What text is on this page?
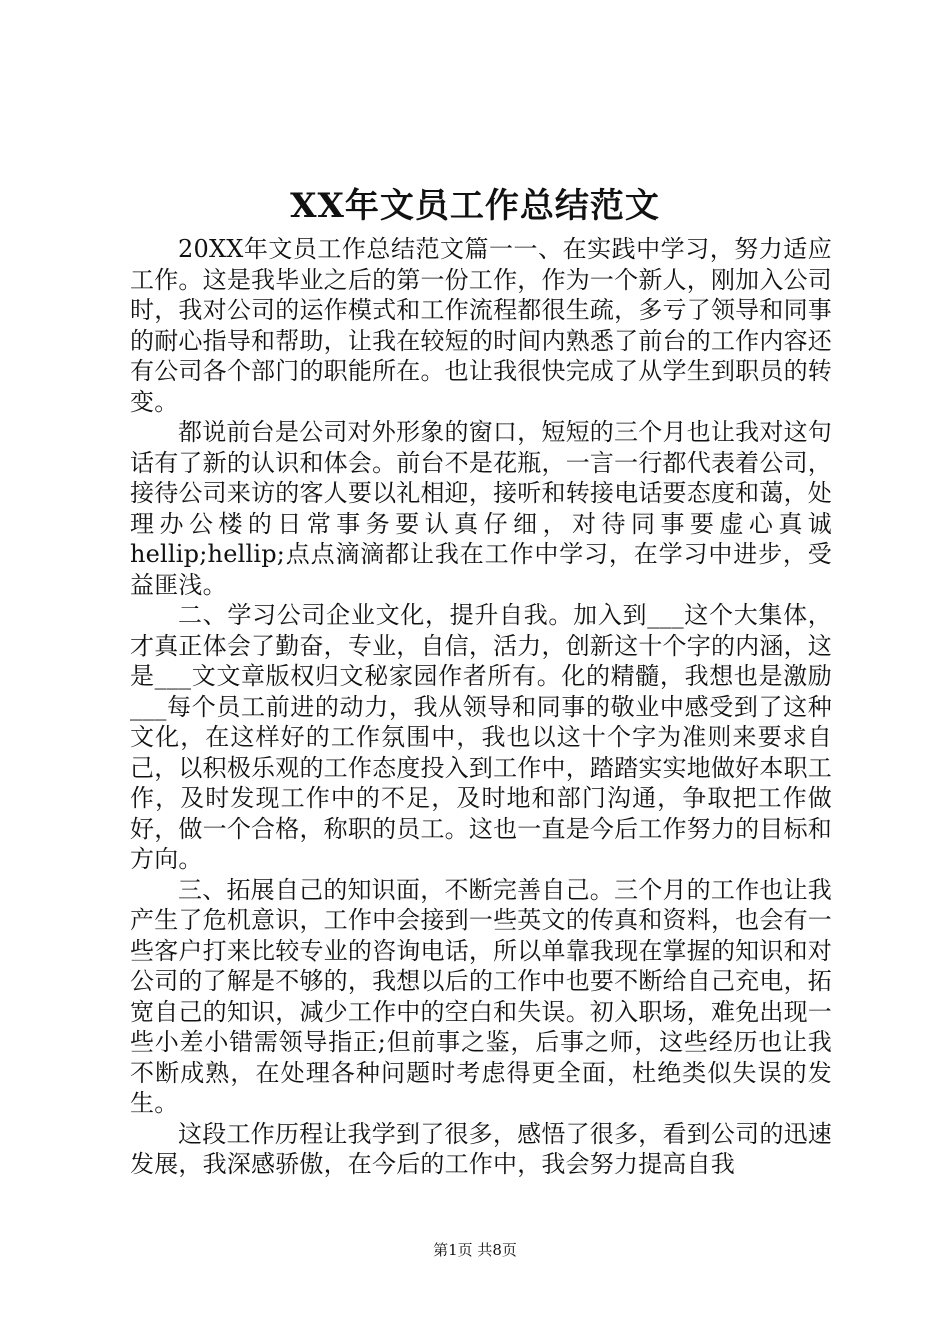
XX年文员工作总结范文

20XX年文员工作总结范文篇一一、在实践中学习，努力适应工作。这是我毕业之后的第一份工作，作为一个新人，刚加入公司时，我对公司的运作模式和工作流程都很生疏，多亏了领导和同事的耐心指导和帮助，让我在较短的时间内熟悉了前台的工作内容还有公司各个部门的职能所在。也让我很快完成了从学生到职员的转变。

都说前台是公司对外形象的窗口，短短的三个月也让我对这句话有了新的认识和体会。前台不是花瓶，一言一行都代表着公司，接待公司来访的客人要以礼相迎，接听和转接电话要态度和蔼，处理办公楼的日常事务要认真仔细，对待同事要虚心真诚hellip;hellip;点点滴滴都让我在工作中学习，在学习中进步，受益匪浅。

二、学习公司企业文化，提升自我。加入到___这个大集体，才真正体会了勤奋，专业，自信，活力，创新这十个字的内涵，这是___文文章版权归文秘家园作者所有。化的精髓，我想也是激励___每个员工前进的动力，我从领导和同事的敬业中感受到了这种文化，在这样好的工作氛围中，我也以这十个字为准则来要求自己，以积极乐观的工作态度投入到工作中，踏踏实实地做好本职工作，及时发现工作中的不足，及时地和部门沟通，争取把工作做好，做一个合格，称职的员工。这也一直是今后工作努力的目标和方向。

三、拓展自己的知识面，不断完善自己。三个月的工作也让我产生了危机意识，工作中会接到一些英文的传真和资料，也会有一些客户打来比较专业的咨询电话，所以单靠我现在掌握的知识和对公司的了解是不够的，我想以后的工作中也要不断给自己充电，拓宽自己的知识，减少工作中的空白和失误。初入职场，难免出现一些小差小错需领导指正;但前事之鉴，后事之师，这些经历也让我不断成熟，在处理各种问题时考虑得更全面，杜绝类似失误的发生。

这段工作历程让我学到了很多，感悟了很多，看到公司的迅速发展，我深感骄傲，在今后的工作中，我会努力提高自我

第1页 共8页
